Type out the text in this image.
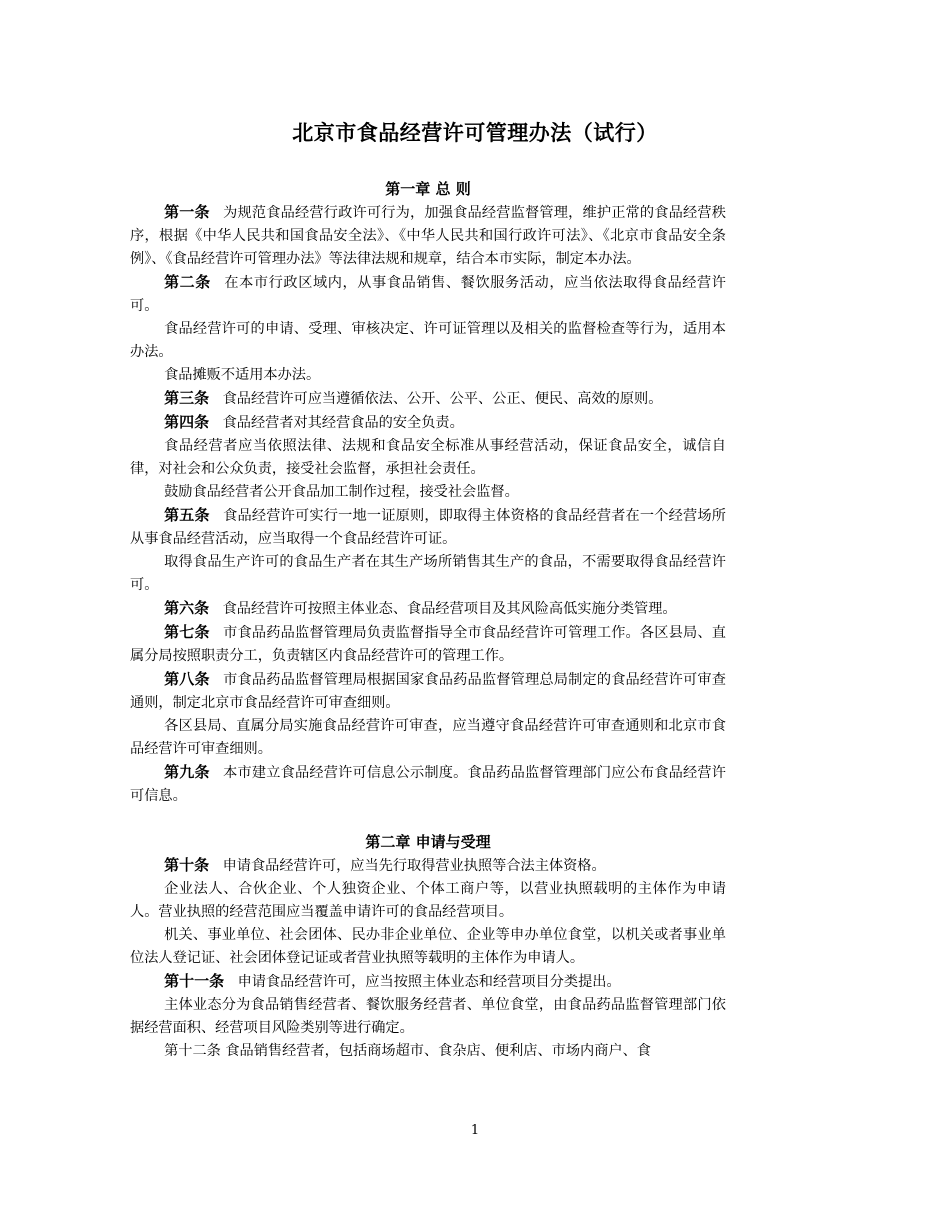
北京市食品经营许可管理办法（试行）
第一章 总 则

第一条 为规范食品经营行政许可行为，加强食品经营监督管理，维护正常的食品经营秩序，根据《中华人民共和国食品安全法》、《中华人民共和国行政许可法》、《北京市食品安全条例》、《食品经营许可管理办法》等法律法规和规章，结合本市实际，制定本办法。

第二条 在本市行政区域内，从事食品销售、餐饮服务活动，应当依法取得食品经营许可。

食品经营许可的申请、受理、审核决定、许可证管理以及相关的监督检查等行为，适用本办法。

食品摊贩不适用本办法。

第三条 食品经营许可应当遵循依法、公开、公平、公正、便民、高效的原则。

第四条 食品经营者对其经营食品的安全负责。

食品经营者应当依照法律、法规和食品安全标准从事经营活动，保证食品安全，诚信自律，对社会和公众负责，接受社会监督，承担社会责任。

鼓励食品经营者公开食品加工制作过程，接受社会监督。

第五条 食品经营许可实行一地一证原则，即取得主体资格的食品经营者在一个经营场所从事食品经营活动，应当取得一个食品经营许可证。

取得食品生产许可的食品生产者在其生产场所销售其生产的食品，不需要取得食品经营许可。

第六条 食品经营许可按照主体业态、食品经营项目及其风险高低实施分类管理。

第七条 市食品药品监督管理局负责监督指导全市食品经营许可管理工作。各区县局、直属分局按照职责分工，负责辖区内食品经营许可的管理工作。

第八条 市食品药品监督管理局根据国家食品药品监督管理总局制定的食品经营许可审查通则，制定北京市食品经营许可审查细则。

各区县局、直属分局实施食品经营许可审查，应当遵守食品经营许可审查通则和北京市食品经营许可审查细则。

第九条 本市建立食品经营许可信息公示制度。食品药品监督管理部门应公布食品经营许可信息。

第二章 申请与受理

第十条 申请食品经营许可，应当先行取得营业执照等合法主体资格。

企业法人、合伙企业、个人独资企业、个体工商户等，以营业执照载明的主体作为申请人。营业执照的经营范围应当覆盖申请许可的食品经营项目。

机关、事业单位、社会团体、民办非企业单位、企业等申办单位食堂，以机关或者事业单位法人登记证、社会团体登记证或者营业执照等载明的主体作为申请人。

第十一条 申请食品经营许可，应当按照主体业态和经营项目分类提出。

主体业态分为食品销售经营者、餐饮服务经营者、单位食堂，由食品药品监督管理部门依据经营面积、经营项目风险类别等进行确定。

第十二条 食品销售经营者，包括商场超市、食杂店、便利店、市场内商户、食

1
